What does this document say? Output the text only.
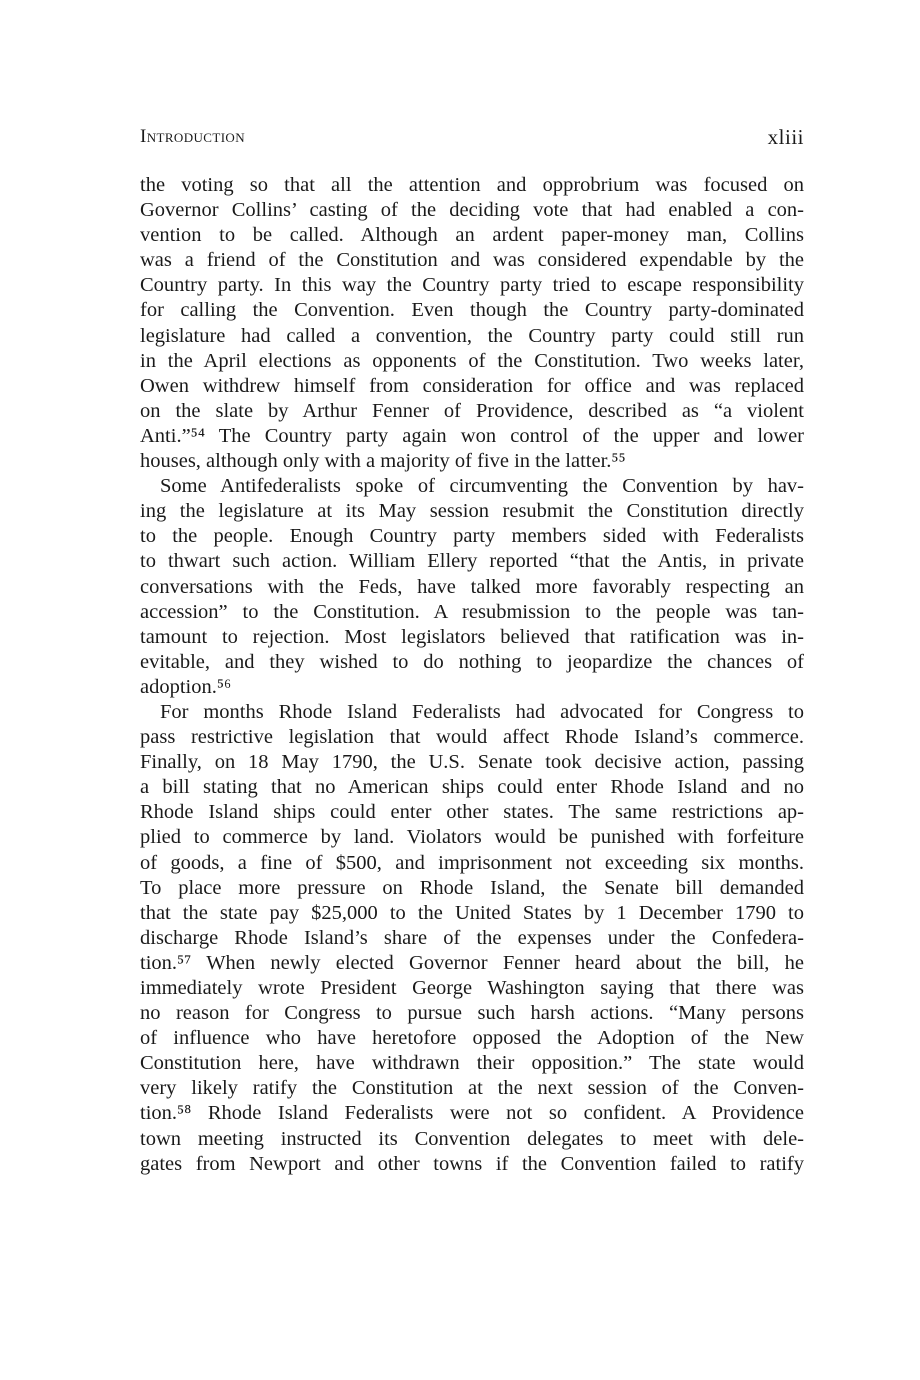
Introduction	xliii
the voting so that all the attention and opprobrium was focused on
Governor Collins’ casting of the deciding vote that had enabled a con-
vention to be called. Although an ardent paper-money man, Collins
was a friend of the Constitution and was considered expendable by the
Country party. In this way the Country party tried to escape responsibility
for calling the Convention. Even though the Country party-dominated
legislature had called a convention, the Country party could still run
in the April elections as opponents of the Constitution. Two weeks later,
Owen withdrew himself from consideration for office and was replaced
on the slate by Arthur Fenner of Providence, described as “a violent
Anti.”⁵⁴ The Country party again won control of the upper and lower
houses, although only with a majority of five in the latter.⁵⁵
Some Antifederalists spoke of circumventing the Convention by hav-
ing the legislature at its May session resubmit the Constitution directly
to the people. Enough Country party members sided with Federalists
to thwart such action. William Ellery reported “that the Antis, in private
conversations with the Feds, have talked more favorably respecting an
accession” to the Constitution. A resubmission to the people was tan-
tamount to rejection. Most legislators believed that ratification was in-
evitable, and they wished to do nothing to jeopardize the chances of
adoption.⁵⁶
For months Rhode Island Federalists had advocated for Congress to
pass restrictive legislation that would affect Rhode Island’s commerce.
Finally, on 18 May 1790, the U.S. Senate took decisive action, passing
a bill stating that no American ships could enter Rhode Island and no
Rhode Island ships could enter other states. The same restrictions ap-
plied to commerce by land. Violators would be punished with forfeiture
of goods, a fine of $500, and imprisonment not exceeding six months.
To place more pressure on Rhode Island, the Senate bill demanded
that the state pay $25,000 to the United States by 1 December 1790 to
discharge Rhode Island’s share of the expenses under the Confedera-
tion.⁵⁷ When newly elected Governor Fenner heard about the bill, he
immediately wrote President George Washington saying that there was
no reason for Congress to pursue such harsh actions. “Many persons
of influence who have heretofore opposed the Adoption of the New
Constitution here, have withdrawn their opposition.” The state would
very likely ratify the Constitution at the next session of the Conven-
tion.⁵⁸ Rhode Island Federalists were not so confident. A Providence
town meeting instructed its Convention delegates to meet with dele-
gates from Newport and other towns if the Convention failed to ratify
